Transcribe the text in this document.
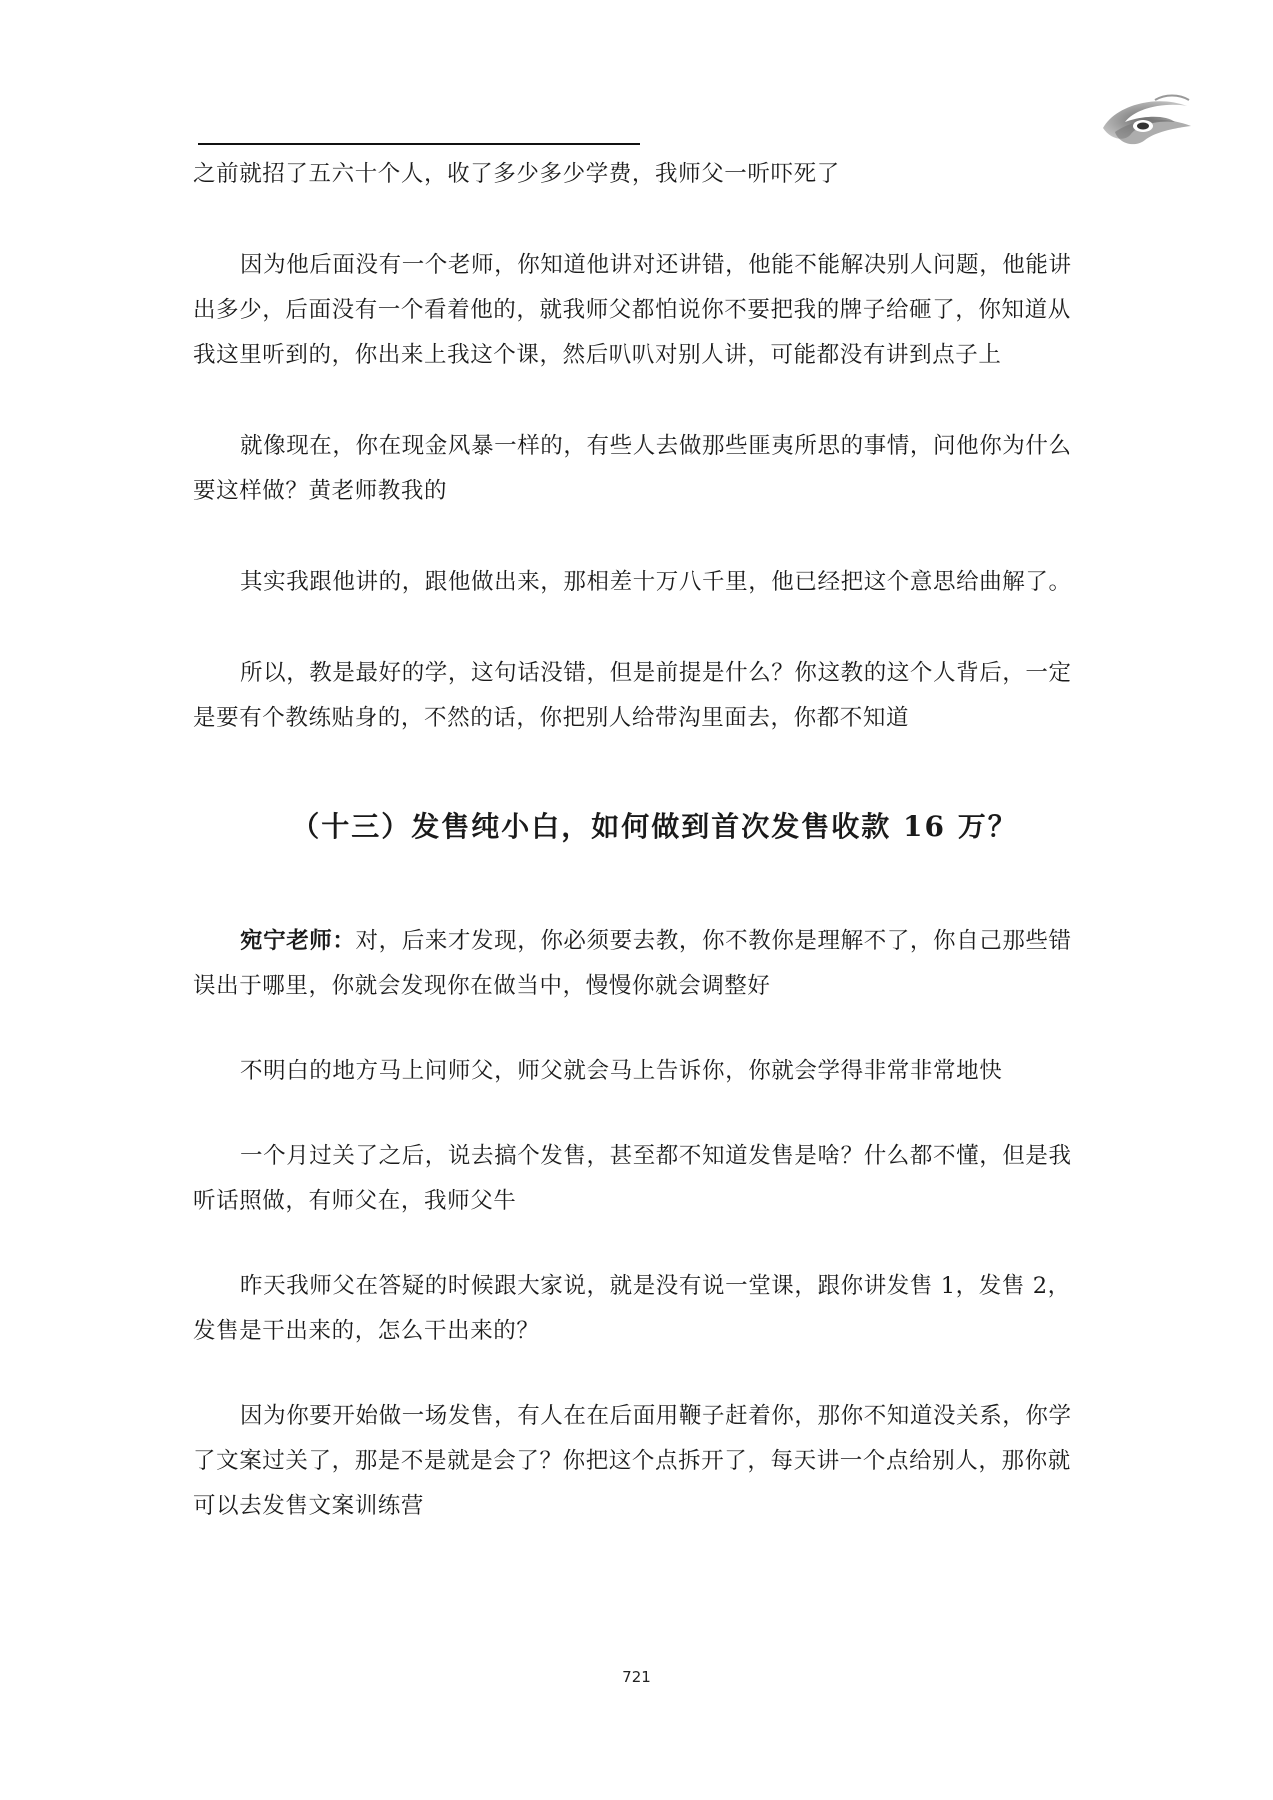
之前就招了五六十个人，收了多少多少学费，我师父一听吓死了

因为他后面没有一个老师，你知道他讲对还讲错，他能不能解决别人问题，他能讲出多少，后面没有一个看着他的，就我师父都怕说你不要把我的牌子给砸了，你知道从我这里听到的，你出来上我这个课，然后叭叭对别人讲，可能都没有讲到点子上

就像现在，你在现金风暴一样的，有些人去做那些匪夷所思的事情，问他你为什么要这样做？黄老师教我的

其实我跟他讲的，跟他做出来，那相差十万八千里，他已经把这个意思给曲解了。

所以，教是最好的学，这句话没错，但是前提是什么？你这教的这个人背后，一定是要有个教练贴身的，不然的话，你把别人给带沟里面去，你都不知道

（十三）发售纯小白，如何做到首次发售收款 16 万？

宛宁老师：对，后来才发现，你必须要去教，你不教你是理解不了，你自己那些错误出于哪里，你就会发现你在做当中，慢慢你就会调整好

不明白的地方马上问师父，师父就会马上告诉你，你就会学得非常非常地快

一个月过关了之后，说去搞个发售，甚至都不知道发售是啥？什么都不懂，但是我听话照做，有师父在，我师父牛

昨天我师父在答疑的时候跟大家说，就是没有说一堂课，跟你讲发售 1，发售 2，发售是干出来的，怎么干出来的？

因为你要开始做一场发售，有人在在后面用鞭子赶着你，那你不知道没关系，你学了文案过关了，那是不是就是会了？你把这个点拆开了，每天讲一个点给别人，那你就可以去发售文案训练营

721
